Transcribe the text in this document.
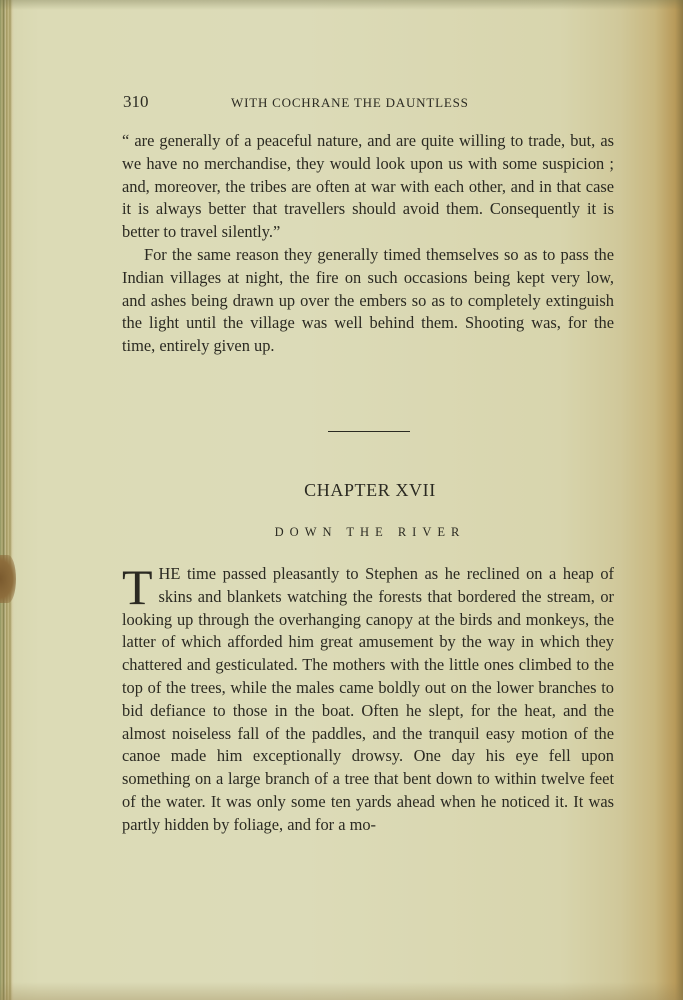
310	WITH COCHRANE THE DAUNTLESS

“ are generally of a peaceful nature, and are quite willing to trade, but, as we have no merchandise, they would look upon us with some suspicion ; and, moreover, the tribes are often at war with each other, and in that case it is always better that travellers should avoid them. Consequently it is better to travel silently.”

For the same reason they generally timed themselves so as to pass the Indian villages at night, the fire on such occasions being kept very low, and ashes being drawn up over the embers so as to completely extinguish the light until the village was well behind them. Shooting was, for the time, entirely given up.

CHAPTER XVII
DOWN THE RIVER

THE time passed pleasantly to Stephen as he reclined on a heap of skins and blankets watching the forests that bordered the stream, or looking up through the overhanging canopy at the birds and monkeys, the latter of which afforded him great amusement by the way in which they chattered and gesticulated. The mothers with the little ones climbed to the top of the trees, while the males came boldly out on the lower branches to bid defiance to those in the boat. Often he slept, for the heat, and the almost noiseless fall of the paddles, and the tranquil easy motion of the canoe made him exceptionally drowsy. One day his eye fell upon something on a large branch of a tree that bent down to within twelve feet of the water. It was only some ten yards ahead when he noticed it. It was partly hidden by foliage, and for a mo-
